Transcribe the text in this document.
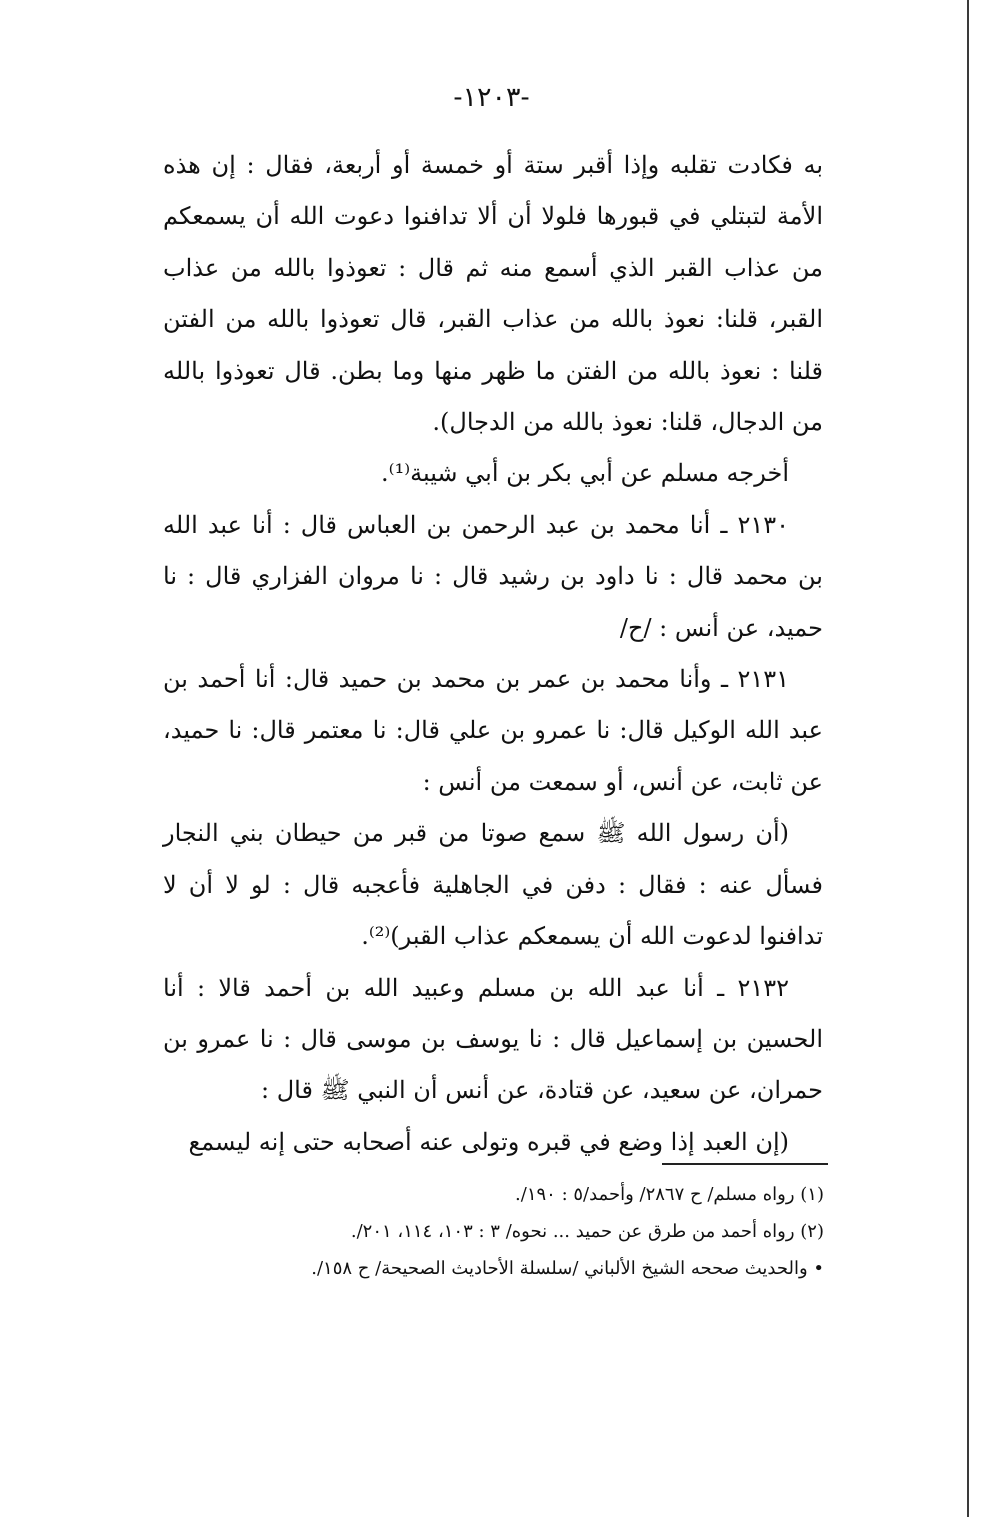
-١٢٠٣-

به فكادت تقلبه وإذا أقبر ستة أو خمسة أو أربعة، فقال : إن هذه الأمة لتبتلي في قبورها فلولا أن ألا تدافنوا دعوت الله أن يسمعكم من عذاب القبر الذي أسمع منه ثم قال : تعوذوا بالله من عذاب القبر، قلنا: نعوذ بالله من عذاب القبر، قال تعوذوا بالله من الفتن قلنا : نعوذ بالله من الفتن ما ظهر منها وما بطن. قال تعوذوا بالله من الدجال، قلنا: نعوذ بالله من الدجال).

أخرجه مسلم عن أبي بكر بن أبي شيبة⁽¹⁾.

٢١٣٠ ـ أنا محمد بن عبد الرحمن بن العباس قال : أنا عبد الله بن محمد قال : نا داود بن رشيد قال : نا مروان الفزاري قال : نا حميد، عن أنس : /ح/

٢١٣١ ـ وأنا محمد بن عمر بن محمد بن حميد قال: أنا أحمد بن عبد الله الوكيل قال: نا عمرو بن علي قال: نا معتمر قال: نا حميد، عن ثابت، عن أنس، أو سمعت من أنس :

(أن رسول الله ﷺ سمع صوتا من قبر من حيطان بني النجار فسأل عنه : فقال : دفن في الجاهلية فأعجبه قال : لو لا أن لا تدافنوا لدعوت الله أن يسمعكم عذاب القبر)⁽²⁾.

٢١٣٢ ـ أنا عبد الله بن مسلم وعبيد الله بن أحمد قالا : أنا الحسين بن إسماعيل قال : نا يوسف بن موسى قال : نا عمرو بن حمران، عن سعيد، عن قتادة، عن أنس أن النبي ﷺ قال :

(إن العبد إذا وضع في قبره وتولى عنه أصحابه حتى إنه ليسمع

(١) رواه مسلم/ ح ٢٨٦٧/ وأحمد/٥ : ١٩٠/.

(٢) رواه أحمد من طرق عن حميد ... نحوه/ ٣ : ١٠٣، ١١٤، ٢٠١/.

• والحديث صححه الشيخ الألباني /سلسلة الأحاديث الصحيحة/ ح ١٥٨/.
